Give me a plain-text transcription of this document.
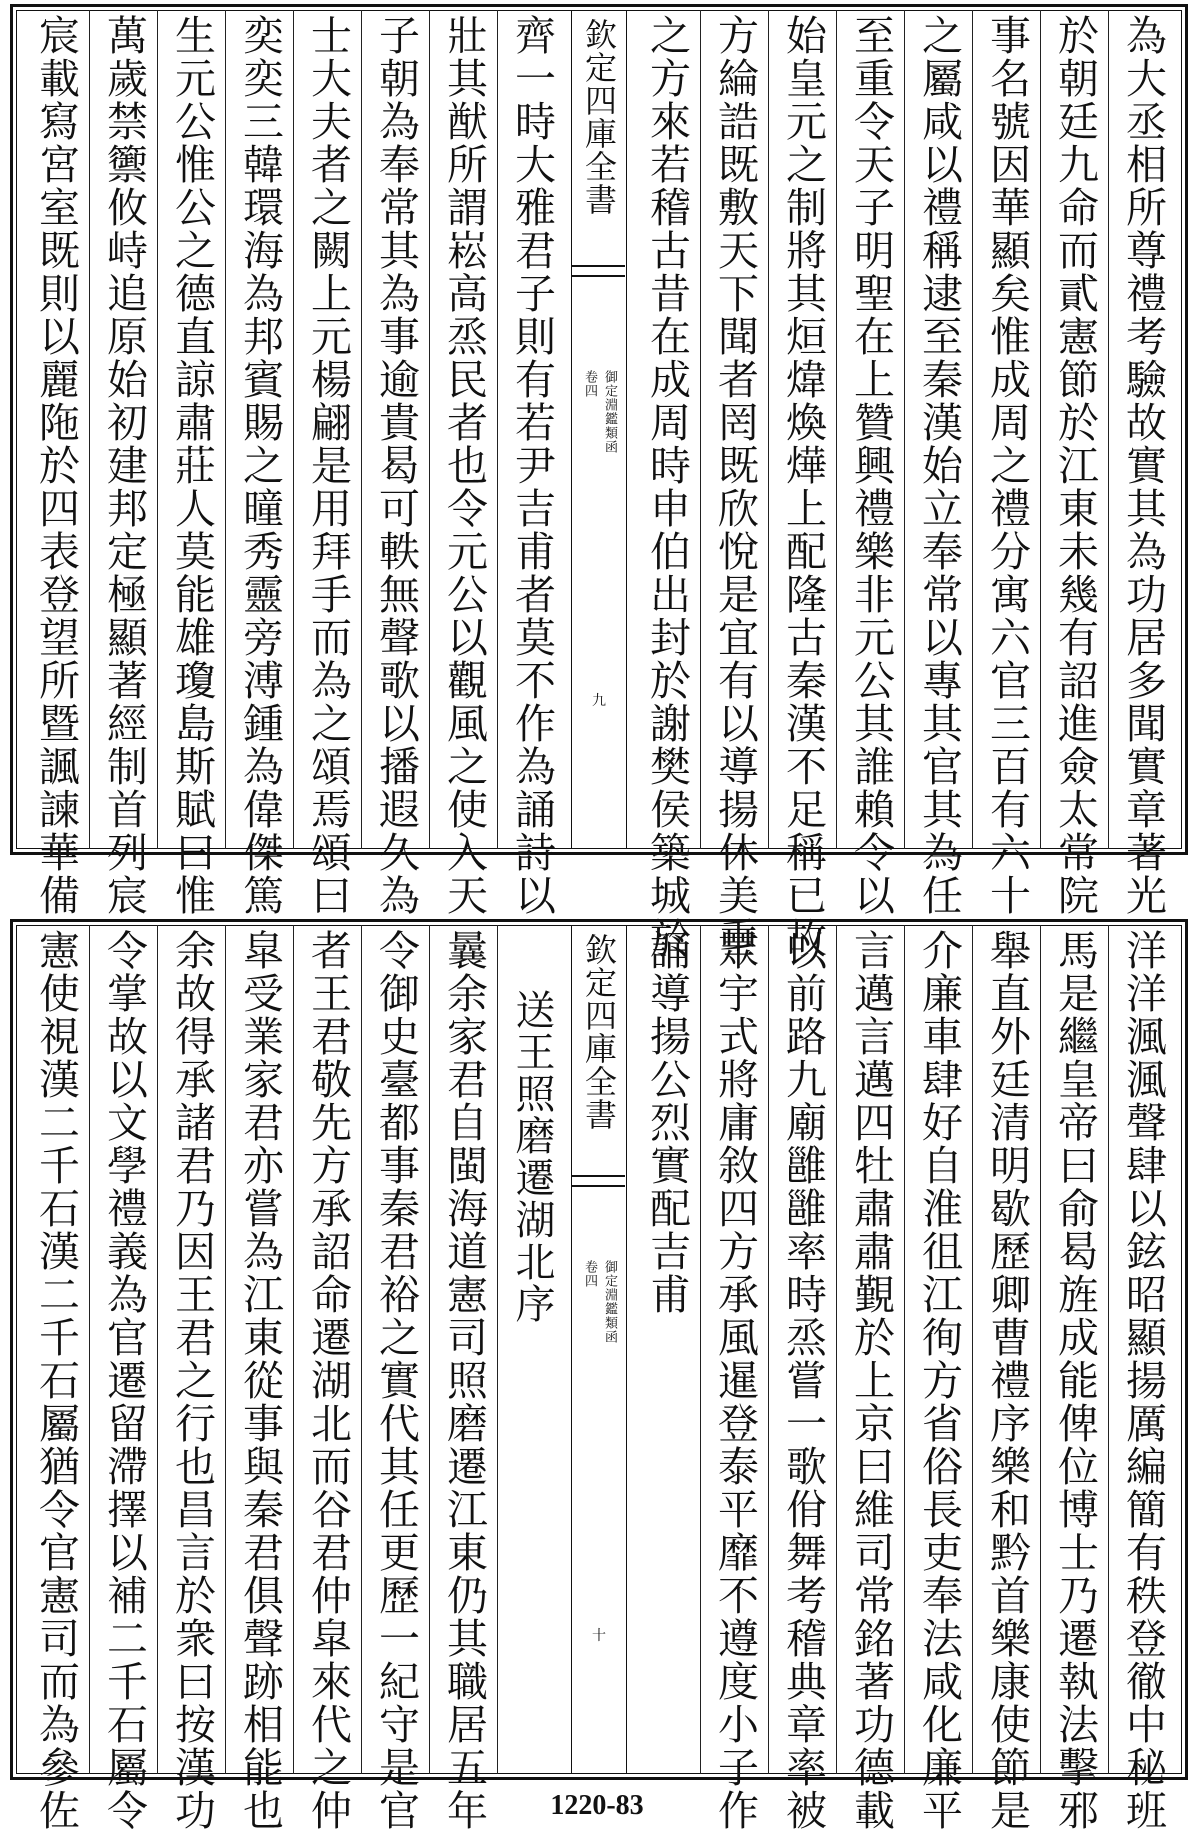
為大丞相所尊禮考驗故實其為功居多聞實章著光
於朝廷九命而貳憲節於江東未幾有詔進僉太常院
事名號因華顯矣惟成周之禮分寓六官三百有六十
之屬咸以禮稱逮至秦漢始立奉常以專其官其為任
至重令天子明聖在上贊興禮樂非元公其誰賴令以
始皇元之制將其烜煒煥燁上配隆古秦漢不足稱已故
方綸誥既敷天下聞者罔既欣悅是宜有以導揚休美垂
之方來若稽古昔在成周時申伯出封於謝樊侯築城於
欽定四庫全書
御定淵鑑類函
卷四
九
齊一時大雅君子則有若尹吉甫者莫不作為誦詩以
壯其猷所謂崧高烝民者也令元公以觀風之使入天
子朝為奉常其為事逾貴曷可軼無聲歌以播遐久為
士大夫者之闕上元楊翩是用拜手而為之頌焉頌曰
奕奕三韓環海為邦賓賜之曈秀靈旁溥鍾為偉傑篤
生元公惟公之德直諒肅莊人莫能雄瓊島斯賦曰惟
萬歲禁籞攸峙追原始初建邦定極顯著經制首列宸
宸載寫宮室既則以麗陁於四表登望所暨諷諫華備
洋洋渢渢聲肆以鉉昭顯揚厲編簡有秩登徹中秘班
馬是繼皇帝曰俞曷旌成能俾位博士乃遷執法擊邪
舉直外廷清明歇歷卿曹禮序樂和黔首樂康使節是
介廉車肆好自淮徂江徇方省俗長吏奉法咸化廉平
言邁言邁四牡肅肅覲於上京曰維司常銘著功德載
以前路九廟雝雝率時烝嘗一歌佾舞考稽典章率被
眾宇式將庸敘四方承風暹登泰平靡不遵度小子作
誦導揚公烈實配吉甫
欽定四庫全書
御定淵鑑類函
卷四
十
送王照磨遷湖北序
曩余家君自閩海道憲司照磨遷江東仍其職居五年
令御史臺都事秦君裕之實代其任更歷一紀守是官
者王君敬先方承詔命遷湖北而谷君仲皐來代之仲
皐受業家君亦嘗為江東從事與秦君俱聲跡相能也
余故得承諸君乃因王君之行也昌言於衆曰按漢功
令掌故以文學禮義為官遷留滯擇以補二千石屬令
憲使視漢二千石漢二千石屬猶令官憲司而為參佐	1220-83
